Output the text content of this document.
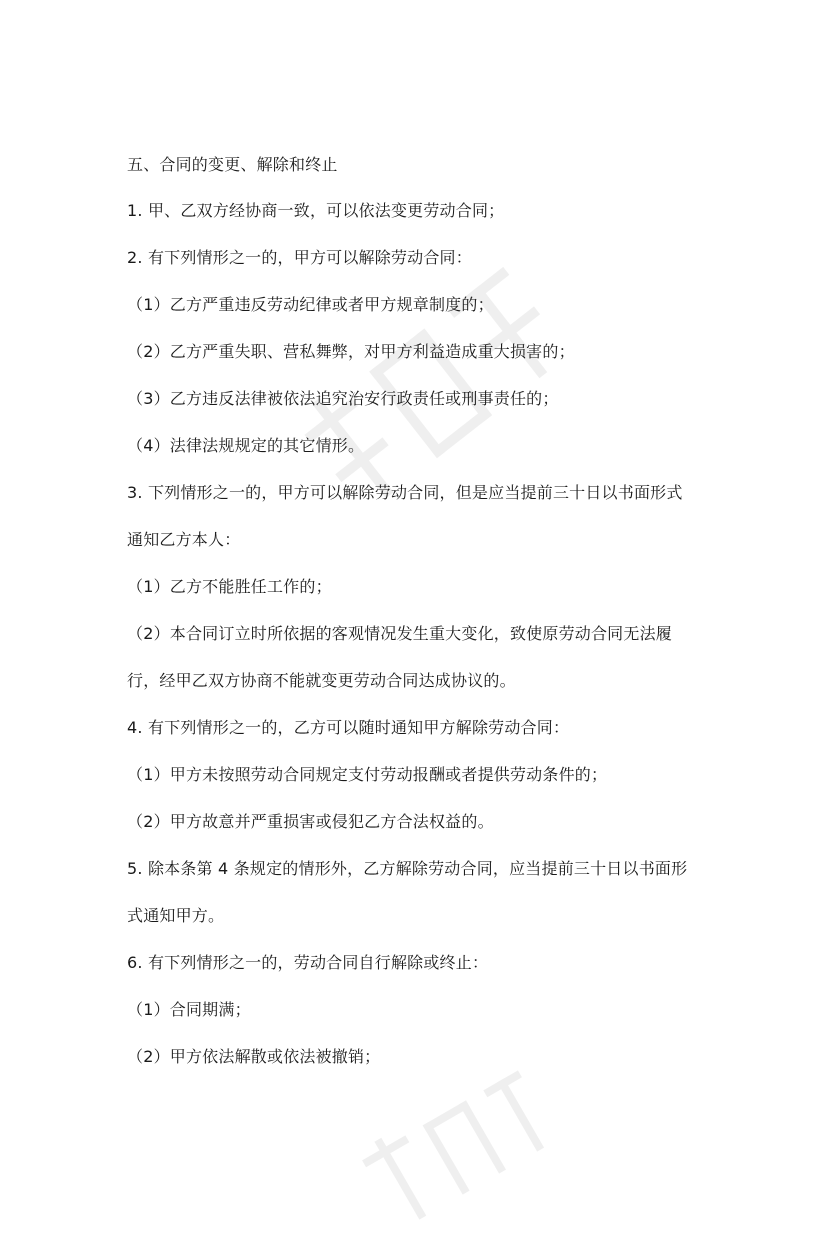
五、合同的变更、解除和终止
1. 甲、乙双方经协商一致，可以依法变更劳动合同；
2. 有下列情形之一的，甲方可以解除劳动合同：
（1）乙方严重违反劳动纪律或者甲方规章制度的；
（2）乙方严重失职、营私舞弊，对甲方利益造成重大损害的；
（3）乙方违反法律被依法追究治安行政责任或刑事责任的；
（4）法律法规规定的其它情形。
3. 下列情形之一的，甲方可以解除劳动合同，但是应当提前三十日以书面形式
通知乙方本人：
（1）乙方不能胜任工作的；
（2）本合同订立时所依据的客观情况发生重大变化，致使原劳动合同无法履
行，经甲乙双方协商不能就变更劳动合同达成协议的。
4. 有下列情形之一的，乙方可以随时通知甲方解除劳动合同：
（1）甲方未按照劳动合同规定支付劳动报酬或者提供劳动条件的；
（2）甲方故意并严重损害或侵犯乙方合法权益的。
5. 除本条第 4 条规定的情形外，乙方解除劳动合同，应当提前三十日以书面形
式通知甲方。
6. 有下列情形之一的，劳动合同自行解除或终止：
（1）合同期满；
（2）甲方依法解散或依法被撤销；
